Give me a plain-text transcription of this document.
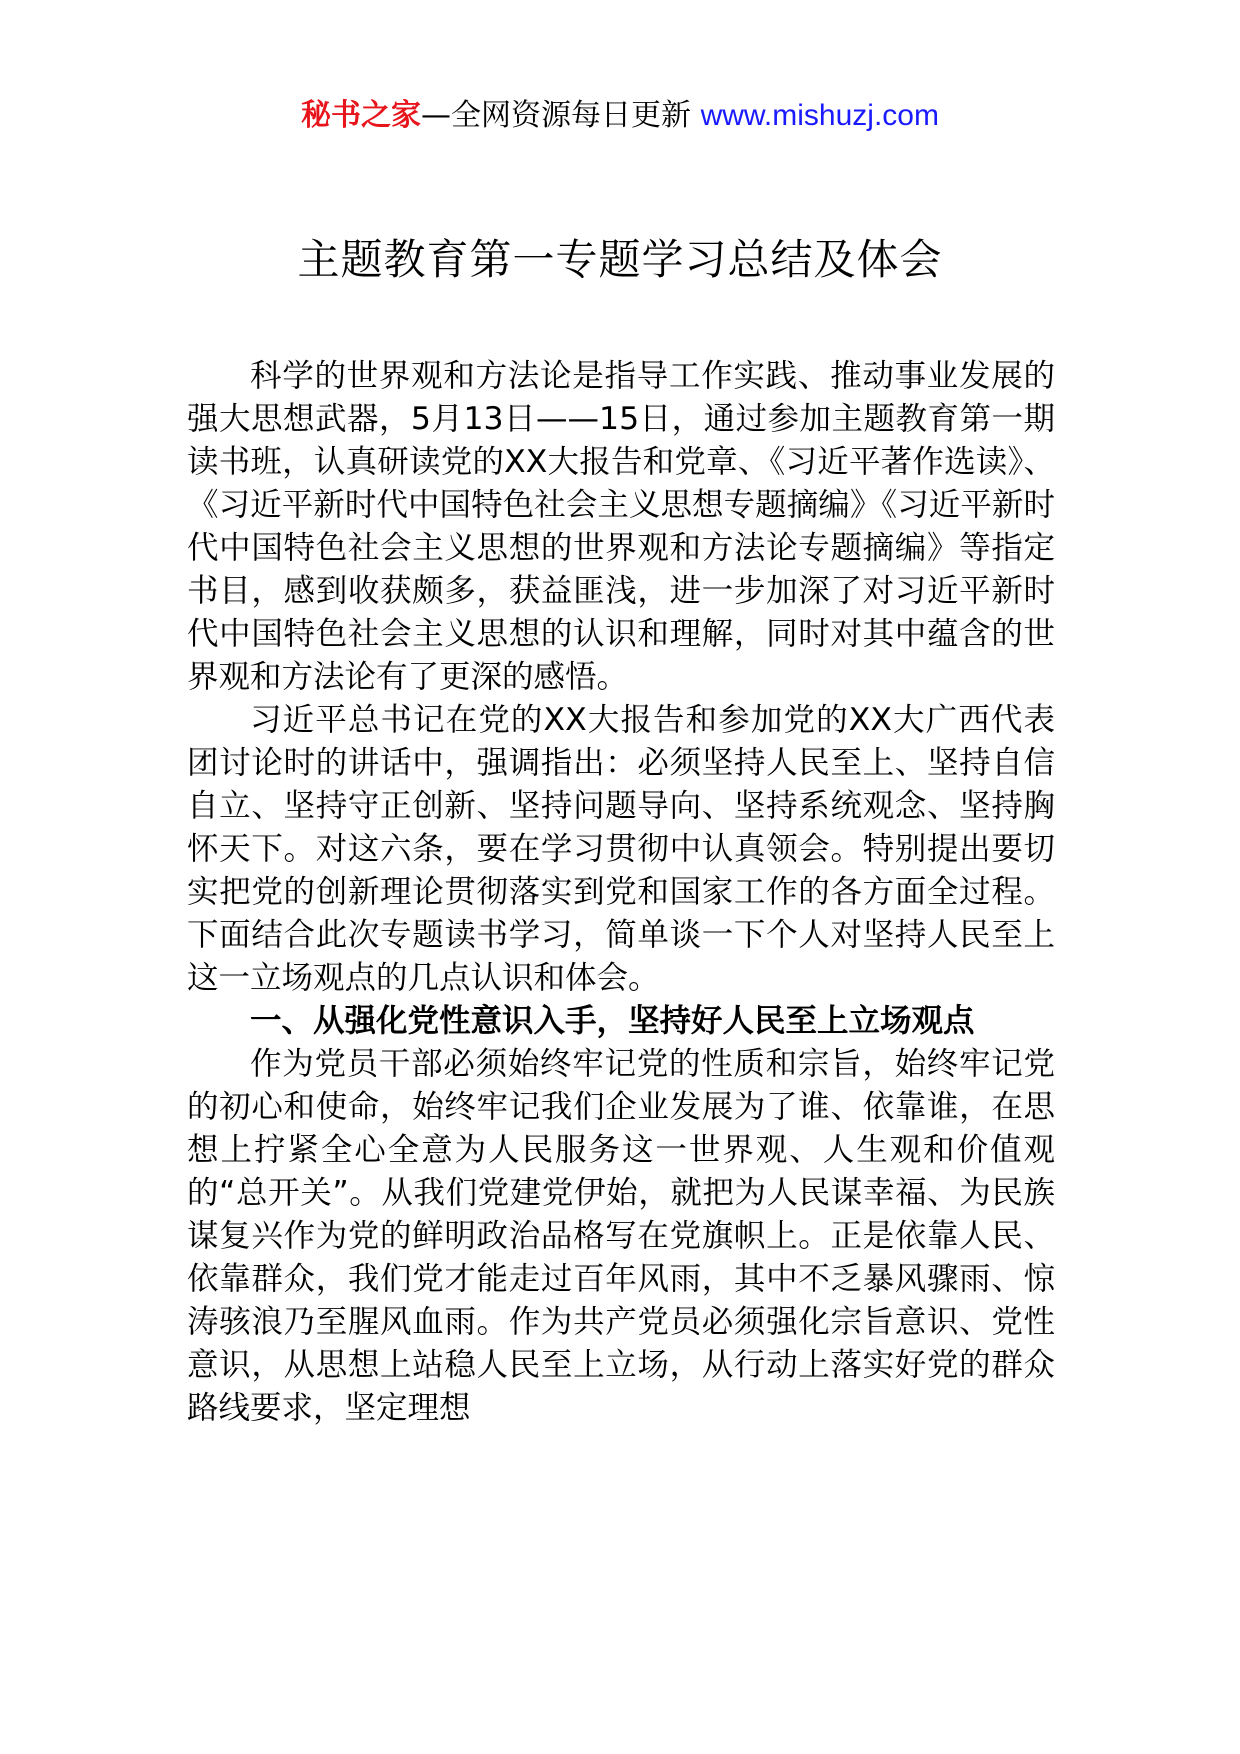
秘书之家—全网资源每日更新 www.mishuzj.com
主题教育第一专题学习总结及体会

科学的世界观和方法论是指导工作实践、推动事业发展的强大思想武器，5月13日——15日，通过参加主题教育第一期读书班，认真研读党的XX大报告和党章、《习近平著作选读》、《习近平新时代中国特色社会主义思想专题摘编》《习近平新时代中国特色社会主义思想的世界观和方法论专题摘编》等指定书目，感到收获颇多，获益匪浅，进一步加深了对习近平新时代中国特色社会主义思想的认识和理解，同时对其中蕴含的世界观和方法论有了更深的感悟。

习近平总书记在党的XX大报告和参加党的XX大广西代表团讨论时的讲话中，强调指出：必须坚持人民至上、坚持自信自立、坚持守正创新、坚持问题导向、坚持系统观念、坚持胸怀天下。对这六条，要在学习贯彻中认真领会。特别提出要切实把党的创新理论贯彻落实到党和国家工作的各方面全过程。下面结合此次专题读书学习，简单谈一下个人对坚持人民至上这一立场观点的几点认识和体会。

一、从强化党性意识入手，坚持好人民至上立场观点

作为党员干部必须始终牢记党的性质和宗旨，始终牢记党的初心和使命，始终牢记我们企业发展为了谁、依靠谁，在思想上拧紧全心全意为人民服务这一世界观、人生观和价值观的“总开关”。从我们党建党伊始，就把为人民谋幸福、为民族谋复兴作为党的鲜明政治品格写在党旗帜上。正是依靠人民、依靠群众，我们党才能走过百年风雨，其中不乏暴风骤雨、惊涛骇浪乃至腥风血雨。作为共产党员必须强化宗旨意识、党性意识，从思想上站稳人民至上立场，从行动上落实好党的群众路线要求，坚定理想
